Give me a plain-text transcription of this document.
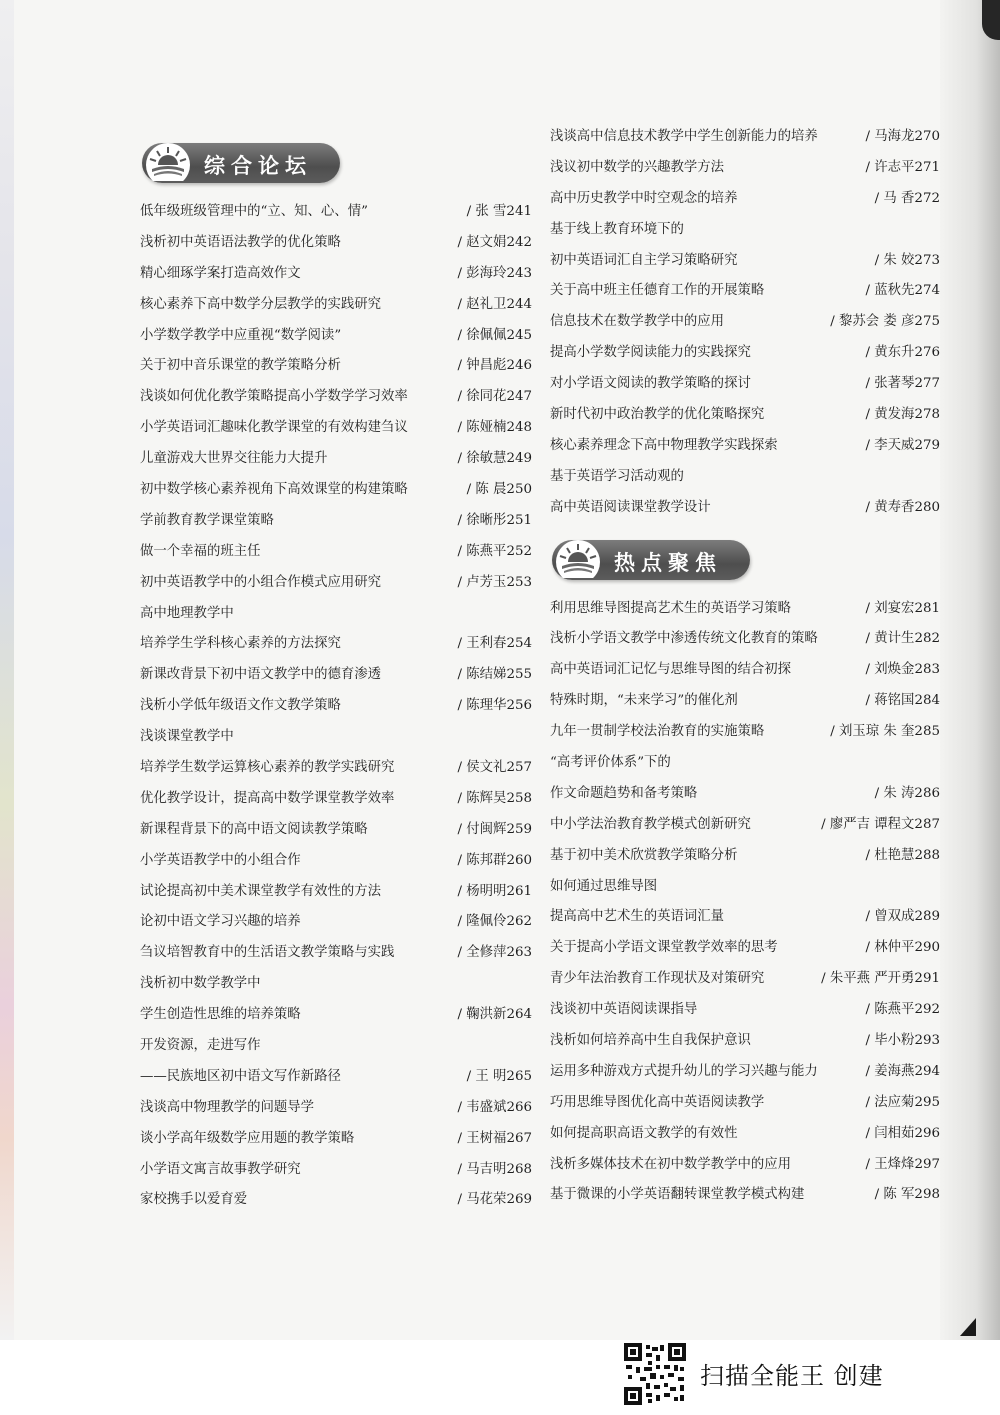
综合论坛
低年级班级管理中的“立、知、心、情”	/ 张 雪241
浅析初中英语语法教学的优化策略	/ 赵文娟242
精心细琢学案打造高效作文	/ 彭海玲243
核心素养下高中数学分层教学的实践研究	/ 赵礼卫244
小学数学教学中应重视“数学阅读”	/ 徐佩佩245
关于初中音乐课堂的教学策略分析	/ 钟昌彪246
浅谈如何优化教学策略提高小学数学学习效率	/ 徐同花247
小学英语词汇趣味化教学课堂的有效构建刍议	/ 陈娅楠248
儿童游戏大世界交往能力大提升	/ 徐敏慧249
初中数学核心素养视角下高效课堂的构建策略	/ 陈 晨250
学前教育教学课堂策略	/ 徐晰彤251
做一个幸福的班主任	/ 陈燕平252
初中英语教学中的小组合作模式应用研究	/ 卢芳玉253
高中地理教学中
培养学生学科核心素养的方法探究	/ 王利春254
新课改背景下初中语文教学中的德育渗透	/ 陈结娣255
浅析小学低年级语文作文教学策略	/ 陈理华256
浅谈课堂教学中
培养学生数学运算核心素养的教学实践研究	/ 侯文礼257
优化教学设计，提高高中数学课堂教学效率	/ 陈辉昊258
新课程背景下的高中语文阅读教学策略	/ 付闽辉259
小学英语教学中的小组合作	/ 陈邦群260
试论提高初中美术课堂教学有效性的方法	/ 杨明明261
论初中语文学习兴趣的培养	/ 隆佩伶262
刍议培智教育中的生活语文教学策略与实践	/ 全修萍263
浅析初中数学教学中
学生创造性思维的培养策略	/ 鞠洪新264
开发资源，走进写作
——民族地区初中语文写作新路径	/ 王 明265
浅谈高中物理教学的问题导学	/ 韦盛斌266
谈小学高年级数学应用题的教学策略	/ 王树福267
小学语文寓言故事教学研究	/ 马吉明268
家校携手以爱育爱	/ 马花荣269
浅谈高中信息技术教学中学生创新能力的培养	/ 马海龙270
浅议初中数学的兴趣教学方法	/ 许志平271
高中历史教学中时空观念的培养	/ 马 香272
基于线上教育环境下的
初中英语词汇自主学习策略研究	/ 朱 姣273
关于高中班主任德育工作的开展策略	/ 蓝秋先274
信息技术在数学教学中的应用	/ 黎苏会 娄 彦275
提高小学数学阅读能力的实践探究	/ 黄东升276
对小学语文阅读的教学策略的探讨	/ 张著琴277
新时代初中政治教学的优化策略探究	/ 黄发海278
核心素养理念下高中物理教学实践探索	/ 李天威279
基于英语学习活动观的
高中英语阅读课堂教学设计	/ 黄寿香280
热点聚焦
利用思维导图提高艺术生的英语学习策略	/ 刘宴宏281
浅析小学语文教学中渗透传统文化教育的策略	/ 黄计生282
高中英语词汇记忆与思维导图的结合初探	/ 刘焕金283
特殊时期，“未来学习”的催化剂	/ 蒋铭国284
九年一贯制学校法治教育的实施策略	/ 刘玉琼 朱 奎285
“高考评价体系”下的
作文命题趋势和备考策略	/ 朱 涛286
中小学法治教育教学模式创新研究	/ 廖严吉 谭程文287
基于初中美术欣赏教学策略分析	/ 杜艳慧288
如何通过思维导图
提高高中艺术生的英语词汇量	/ 曾双成289
关于提高小学语文课堂教学效率的思考	/ 林仲平290
青少年法治教育工作现状及对策研究	/ 朱平燕 严开勇291
浅谈初中英语阅读课指导	/ 陈燕平292
浅析如何培养高中生自我保护意识	/ 毕小粉293
运用多种游戏方式提升幼儿的学习兴趣与能力	/ 姜海燕294
巧用思维导图优化高中英语阅读教学	/ 法应菊295
如何提高职高语文教学的有效性	/ 闫相茹296
浅析多媒体技术在初中数学教学中的应用	/ 王烽烽297
基于微课的小学英语翻转课堂教学模式构建	/ 陈 军298
扫描全能王 创建
